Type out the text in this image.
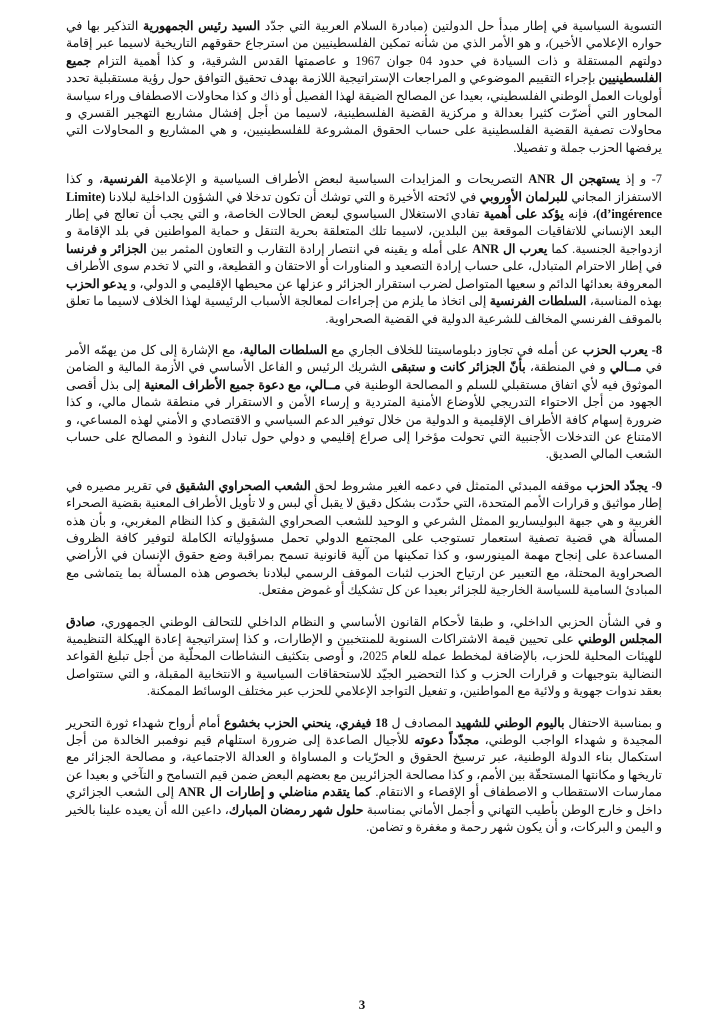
التسوية السياسية في إطار مبدأ حل الدولتين (مبادرة السلام العربية التي جدّد السيد رئيس الجمهورية التذكير بها في حواره الإعلامي الأخير)، و هو الأمر الذي من شأنه تمكين الفلسطينيين من استرجاع حقوقهم التاريخية لاسيما عبر إقامة دولتهم المستقلة و ذات السيادة في حدود 04 جوان 1967 و عاصمتها القدس الشرقية، و كذا أهمية التزام جميع الفلسطينيين بإجراء التقييم الموضوعي و المراجعات الإستراتيجية اللازمة بهدف تحقيق التوافق حول رؤية مستقبلية تحدد أولويات العمل الوطني الفلسطيني، بعيدا عن المصالح الضيقة لهذا الفصيل أو ذاك و كذا محاولات الاصطفاف وراء سياسة المحاور التي أضرّت كثيرا بعدالة و مركزية القضية الفلسطينية، لاسيما من أجل إفشال مشاريع التهجير القسري و محاولات تصفية القضية الفلسطينية على حساب الحقوق المشروعة للفلسطينيين، و هي المشاريع و المحاولات التي يرفضها الحزب جملة و تفصيلا.

7- و إذ يستهجن ال ANR التصريحات و المزايدات السياسية لبعض الأطراف السياسية و الإعلامية الفرنسية، و كذا الاستفزاز المجاني للبرلمان الأوروبي في لائحته الأخيرة و التي توشك أن تكون تدخلا في الشؤون الداخلية لبلادنا (Limite d’ingérence)، فإنه يؤكد على أهمية تفادي الاستغلال السياسوي لبعض الحالات الخاصة، و التي يجب أن تعالج في إطار البعد الإنساني للاتفاقيات الموقعة بين البلدين، لاسيما تلك المتعلقة بحرية التنقل و حماية المواطنين في بلد الإقامة و ازدواجية الجنسية. كما يعرب ال ANR على أمله و يقينه في انتصار إرادة التقارب و التعاون المثمر بين الجزائر و فرنسا في إطار الاحترام المتبادل، على حساب إرادة التصعيد و المناورات أو الاحتقان و القطيعة، و التي لا تخدم سوى الأطراف المعروفة بعدائها الدائم و سعيها المتواصل لضرب استقرار الجزائر و عزلها عن محيطها الإقليمي و الدولي، و يدعو الحزب بهذه المناسبة، السلطات الفرنسية إلى اتخاذ ما يلزم من إجراءات لمعالجة الأسباب الرئيسية لهذا الخلاف لاسيما ما تعلق بالموقف الفرنسي المخالف للشرعية الدولية في القضية الصحراوية.

8- يعرب الحزب عن أمله في تجاوز دبلوماسيتنا للخلاف الجاري مع السلطات المالية، مع الإشارة إلى كل من يهمّه الأمر في مــالي و في المنطقة، بأنّ الجزائر كانت و ستبقى الشريك الرئيس و الفاعل الأساسي في الأزمة المالية و الضامن الموثوق فيه لأي اتفاق مستقبلي للسلم و المصالحة الوطنية في مــالي، مع دعوة جميع الأطراف المعنية إلى بذل أقصى الجهود من أجل الاحتواء التدريجي للأوضاع الأمنية المتردية و إرساء الأمن و الاستقرار في منطقة شمال مالي، و كذا ضرورة إسهام كافة الأطراف الإقليمية و الدولية من خلال توفير الدعم السياسي و الاقتصادي و الأمني لهذه المساعي، و الامتناع عن التدخلات الأجنبية التي تحولت مؤخرا إلى صراع إقليمي و دولي حول تبادل النفوذ و المصالح على حساب الشعب المالي الصديق.

9- يجدّد الحزب موقفه المبدئي المتمثل في دعمه الغير مشروط لحق الشعب الصحراوي الشقيق في تقرير مصيره في إطار مواثيق و قرارات الأمم المتحدة، التي حدّدت بشكل دقيق لا يقبل أي لبس و لا تأويل الأطراف المعنية بقضية الصحراء الغربية و هي جبهة البوليساريو الممثل الشرعي و الوحيد للشعب الصحراوي الشقيق و كذا النظام المغربي، و بأن هذه المسألة هي قضية تصفية استعمار تستوجب على المجتمع الدولي تحمل مسؤولياته الكاملة لتوفير كافة الظروف المساعدة على إنجاح مهمة المينورسو، و كذا تمكينها من آلية قانونية تسمح بمراقبة وضع حقوق الإنسان في الأراضي الصحراوية المحتلة، مع التعبير عن ارتياح الحزب لثبات الموقف الرسمي لبلادنا بخصوص هذه المسألة بما يتماشى مع المبادئ السامية للسياسة الخارجية للجزائر بعيدا عن كل تشكيك أو غموض مفتعل.

و في الشأن الحزبي الداخلي، و طبقا لأحكام القانون الأساسي و النظام الداخلي للتحالف الوطني الجمهوري، صادق المجلس الوطني على تحيين قيمة الاشتراكات السنوية للمنتخبين و الإطارات، و كذا إستراتيجية إعادة الهيكلة التنظيمية للهيئات المحلية للحزب، بالإضافة لمخطط عمله للعام 2025، و أوصى بتكثيف النشاطات المحلّية من أجل تبليغ القواعد النضالية بتوجيهات و قرارات الحزب و كذا التحضير الجيّد للاستحقاقات السياسية و الانتخابية المقبلة، و التي ستتواصل بعقد ندوات جهوية و ولائية مع المواطنين، و تفعيل التواجد الإعلامي للحزب عبر مختلف الوسائط الممكنة.

و بمناسبة الاحتفال باليوم الوطني للشهيد المصادف ل 18 فيفري، ينحني الحزب بخشوع أمام أرواح شهداء ثورة التحرير المجيدة و شهداء الواجب الوطني، مجدّداً دعوته للأجيال الصاعدة إلى ضرورة استلهام قيم نوفمبر الخالدة من أجل استكمال بناء الدولة الوطنية، عبر ترسيخ الحقوق و الحرّيات و المساواة و العدالة الاجتماعية، و مصالحة الجزائر مع تاريخها و مكانتها المستحقّة بين الأمم، و كذا مصالحة الجزائريين مع بعضهم البعض ضمن قيم التسامح و التآخي و بعيدا عن ممارسات الاستقطاب و الاصطفاف أو الإقصاء و الانتقام. كما يتقدم مناضلي و إطارات ال ANR إلى الشعب الجزائري داخل و خارج الوطن بأطيب التهاني و أجمل الأماني بمناسبة حلول شهر رمضان المبارك، داعين الله أن يعيده علينا بالخير و اليمن و البركات، و أن يكون شهر رحمة و مغفرة و تضامن.

3
